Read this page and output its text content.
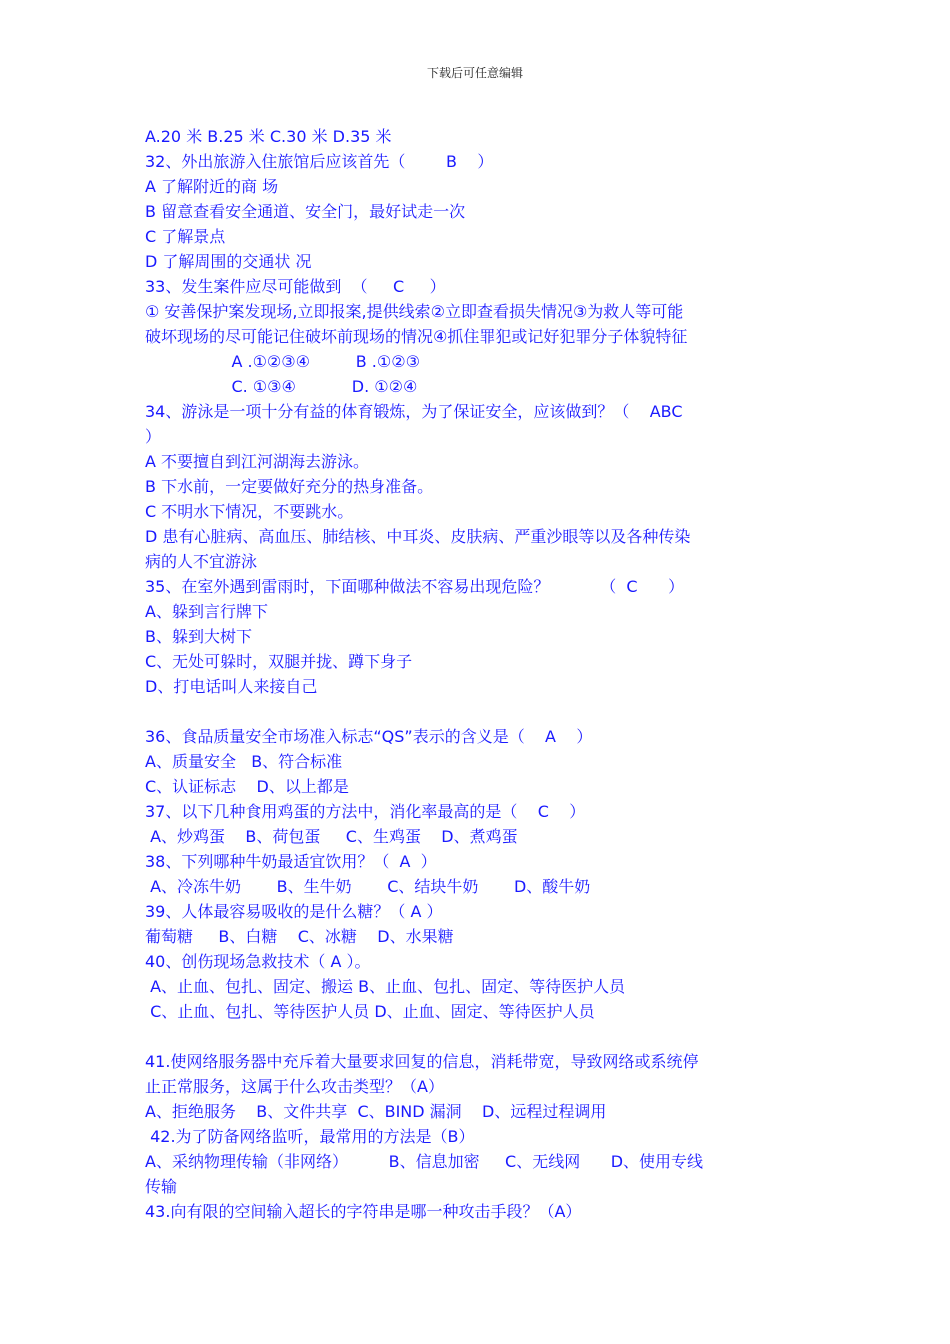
下载后可任意编辑
A.20 米 B.25 米 C.30 米 D.35 米
32、外出旅游入住旅馆后应该首先（        B    ）
A 了解附近的商 场
B 留意查看安全通道、安全门，最好试走一次
C 了解景点
D 了解周围的交通状 况
33、发生案件应尽可能做到  （     C     ）
① 安善保护案发现场,立即报案,提供线索②立即查看损失情况③为救人等可能
破坏现场的尽可能记住破坏前现场的情况④抓住罪犯或记好犯罪分子体貌特征
A .①②③④         B .①②③
C. ①③④           D. ①②④
34、游泳是一项十分有益的体育锻炼，为了保证安全，应该做到？（    ABC
）
A 不要擅自到江河湖海去游泳。
B 下水前，一定要做好充分的热身准备。
C 不明水下情况，不要跳水。
D 患有心脏病、高血压、肺结核、中耳炎、皮肤病、严重沙眼等以及各种传染
病的人不宜游泳
35、在室外遇到雷雨时，下面哪种做法不容易出现危险？          （  C      ）
A、躲到言行牌下
B、躲到大树下
C、无处可躲时，双腿并拢、蹲下身子
D、打电话叫人来接自己
36、食品质量安全市场准入标志“QS”表示的含义是（    A    ）
A、质量安全   B、符合标准
C、认证标志    D、以上都是
37、以下几种食用鸡蛋的方法中，消化率最高的是（    C    ）
A、炒鸡蛋    B、荷包蛋     C、生鸡蛋    D、煮鸡蛋
38、下列哪种牛奶最适宜饮用？（  A  ）
A、冷冻牛奶       B、生牛奶       C、结块牛奶       D、酸牛奶
39、人体最容易吸收的是什么糖？（ A ）
葡萄糖     B、白糖    C、冰糖    D、水果糖
40、创伤现场急救技术（ A ）。
A、止血、包扎、固定、搬运 B、止血、包扎、固定、等待医护人员
C、止血、包扎、等待医护人员 D、止血、固定、等待医护人员
41.使网络服务器中充斥着大量要求回复的信息，消耗带宽，导致网络或系统停
止正常服务，这属于什么攻击类型？（A）
A、拒绝服务    B、文件共享  C、BIND 漏洞    D、远程过程调用
42.为了防备网络监听，最常用的方法是（B）
A、采纳物理传输（非网络）        B、信息加密     C、无线网      D、使用专线
传输
43.向有限的空间输入超长的字符串是哪一种攻击手段？（A）
